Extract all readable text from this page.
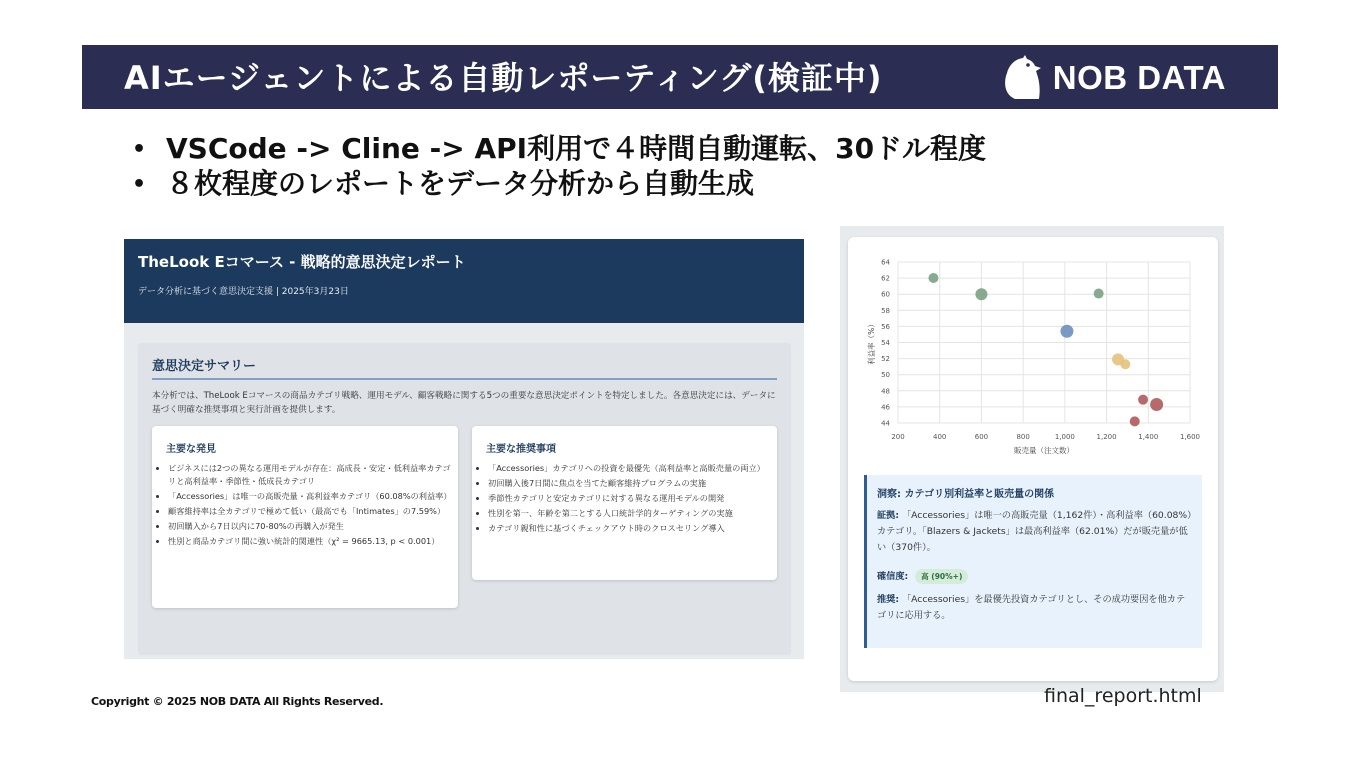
AIエージェントによる自動レポーティング(検証中)	NOB DATA
• VSCode -> Cline -> API利用で４時間自動運転、30ドル程度
• ８枚程度のレポートをデータ分析から自動生成
TheLook Eコマース - 戦略的意思決定レポート
データ分析に基づく意思決定支援 | 2025年3月23日
意思決定サマリー
本分析では、TheLook Eコマースの商品カテゴリ戦略、運用モデル、顧客戦略に関する5つの重要な意思決定ポイントを特定しました。各意思決定には、データに基づく明確な推奨事項と実行計画を提供します。
主要な発見
• ビジネスには2つの異なる運用モデルが存在：高成長・安定・低利益率カテゴリと高利益率・季節性・低成長カテゴリ
• 「Accessories」は唯一の高販売量・高利益率カテゴリ（60.08%の利益率）
• 顧客維持率は全カテゴリで極めて低い（最高でも「Intimates」の7.59%）
• 初回購入から7日以内に70-80%の再購入が発生
• 性別と商品カテゴリ間に強い統計的関連性（χ² = 9665.13, p < 0.001）
主要な推奨事項
• 「Accessories」カテゴリへの投資を最優先（高利益率と高販売量の両立）
• 初回購入後7日間に焦点を当てた顧客維持プログラムの実施
• 季節性カテゴリと安定カテゴリに対する異なる運用モデルの開発
• 性別を第一、年齢を第二とする人口統計学的ターゲティングの実施
• カテゴリ親和性に基づくチェックアウト時のクロスセリング導入
200	400	600	800	1,000	1,200	1,400	1,600
44
46
48
50
52
54
56
58
60
62
64
販売量（注文数）
利益率（%）
洞察: カテゴリ別利益率と販売量の関係

証拠: 「Accessories」は唯一の高販売量（1,162件）・高利益率（60.08%）カテゴリ。「Blazers & Jackets」は最高利益率（62.01%）だが販売量が低い（370件）。

確信度: 高 (90%+)

推奨: 「Accessories」を最優先投資カテゴリとし、その成功要因を他カテゴリに応用する。

final_report.html
Copyright © 2025 NOB DATA All Rights Reserved.
